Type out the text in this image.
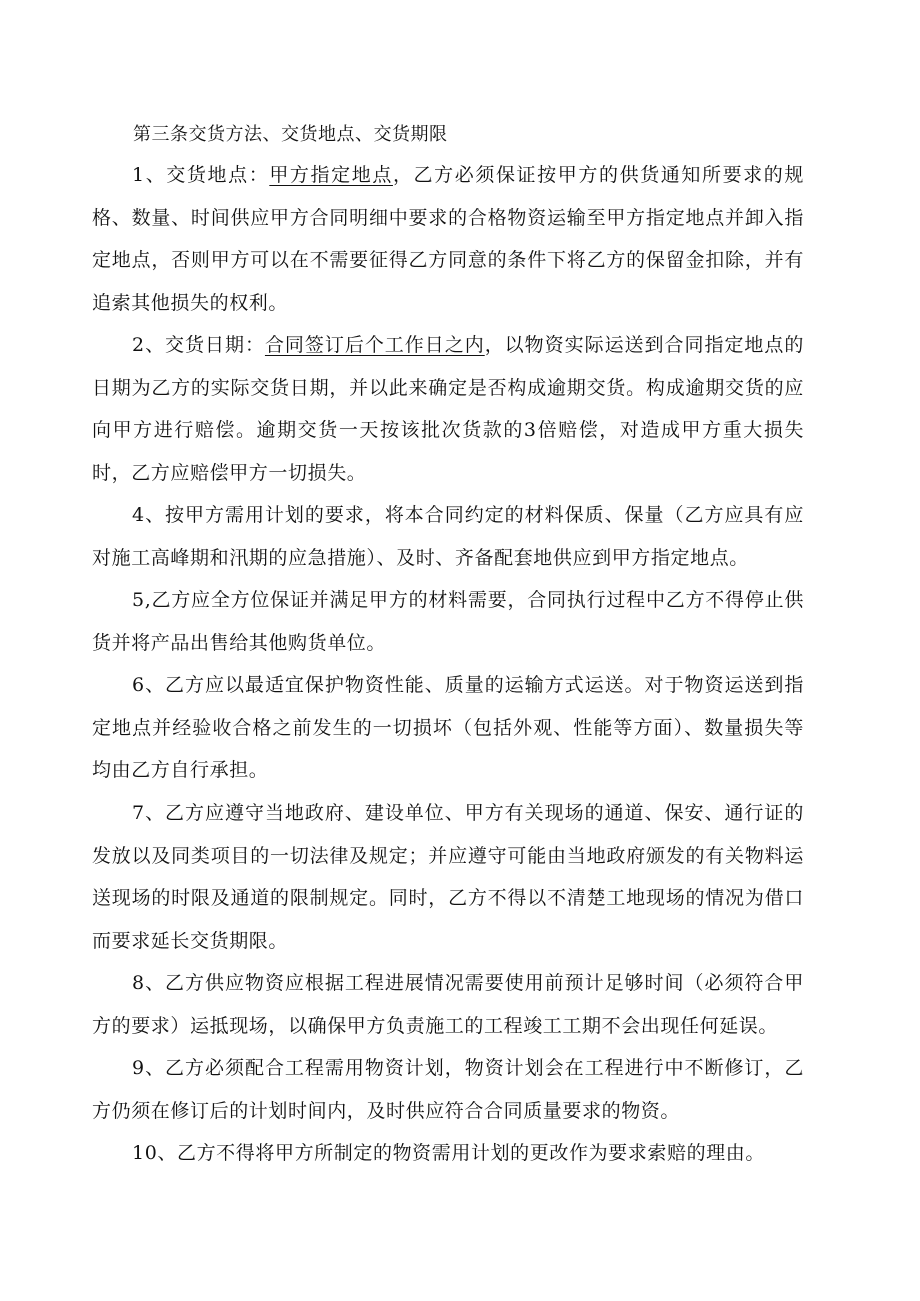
第三条交货方法、交货地点、交货期限

1、交货地点：甲方指定地点，乙方必须保证按甲方的供货通知所要求的规格、数量、时间供应甲方合同明细中要求的合格物资运输至甲方指定地点并卸入指定地点，否则甲方可以在不需要征得乙方同意的条件下将乙方的保留金扣除，并有追索其他损失的权利。

2、交货日期：合同签订后个工作日之内，以物资实际运送到合同指定地点的日期为乙方的实际交货日期，并以此来确定是否构成逾期交货。构成逾期交货的应向甲方进行赔偿。逾期交货一天按该批次货款的3倍赔偿，对造成甲方重大损失时，乙方应赔偿甲方一切损失。

4、按甲方需用计划的要求，将本合同约定的材料保质、保量（乙方应具有应对施工高峰期和汛期的应急措施）、及时、齐备配套地供应到甲方指定地点。

5,乙方应全方位保证并满足甲方的材料需要，合同执行过程中乙方不得停止供货并将产品出售给其他购货单位。

6、乙方应以最适宜保护物资性能、质量的运输方式运送。对于物资运送到指定地点并经验收合格之前发生的一切损坏（包括外观、性能等方面）、数量损失等均由乙方自行承担。

7、乙方应遵守当地政府、建设单位、甲方有关现场的通道、保安、通行证的发放以及同类项目的一切法律及规定；并应遵守可能由当地政府颁发的有关物料运送现场的时限及通道的限制规定。同时，乙方不得以不清楚工地现场的情况为借口而要求延长交货期限。

8、乙方供应物资应根据工程进展情况需要使用前预计足够时间（必须符合甲方的要求）运抵现场，以确保甲方负责施工的工程竣工工期不会出现任何延误。

9、乙方必须配合工程需用物资计划，物资计划会在工程进行中不断修订，乙方仍须在修订后的计划时间内，及时供应符合合同质量要求的物资。

10、乙方不得将甲方所制定的物资需用计划的更改作为要求索赔的理由。
